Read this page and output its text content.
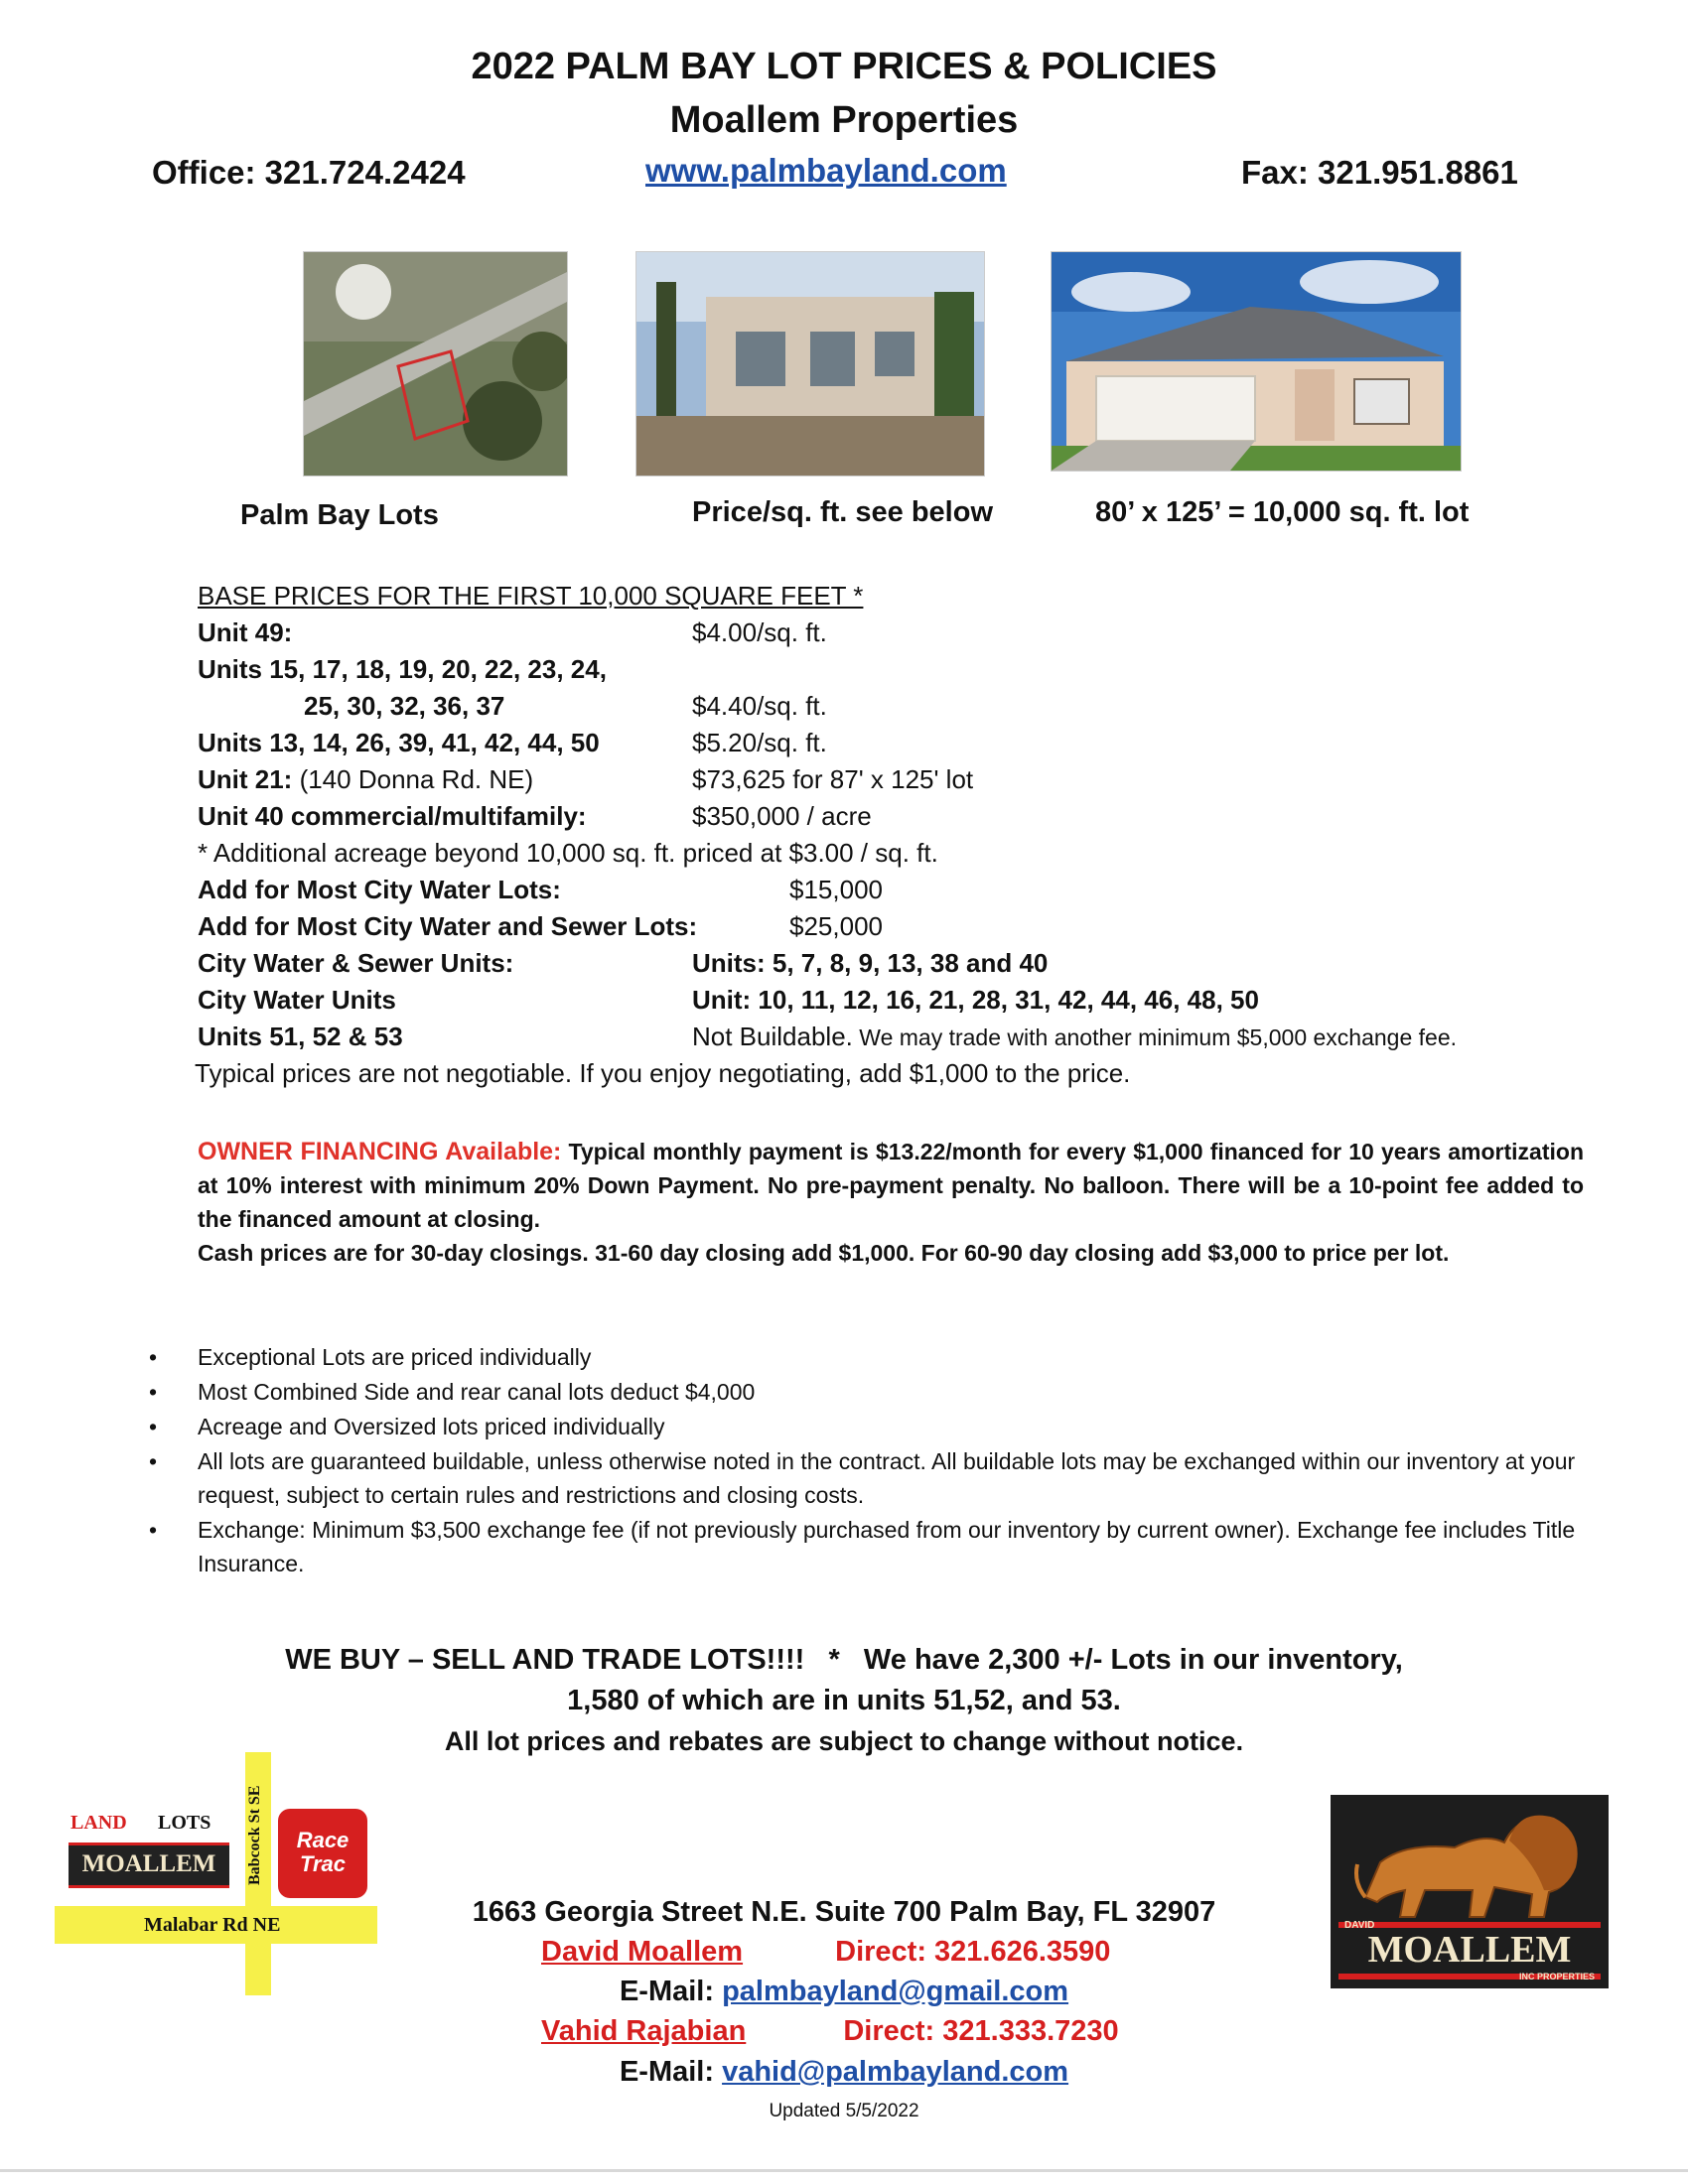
2022 PALM BAY LOT PRICES & POLICIES
Moallem Properties
Office: 321.724.2424	www.palmbayland.com	Fax: 321.951.8861
Palm Bay Lots	Price/sq. ft. see below	80’ x 125’ = 10,000 sq. ft. lot
BASE PRICES FOR THE FIRST 10,000 SQUARE FEET *
Unit 49:	$4.00/sq. ft.
Units 15, 17, 18, 19, 20, 22, 23, 24,
25, 30, 32, 36, 37	$4.40/sq. ft.
Units 13, 14, 26, 39, 41, 42, 44, 50	$5.20/sq. ft.
Unit 21: (140 Donna Rd. NE)	$73,625 for 87' x 125' lot
Unit 40 commercial/multifamily:	$350,000 / acre
* Additional acreage beyond 10,000 sq. ft. priced at $3.00 / sq. ft.
Add for Most City Water Lots:	$15,000
Add for Most City Water and Sewer Lots:	$25,000
City Water & Sewer Units:	Units: 5, 7, 8, 9, 13, 38 and 40
City Water Units	Unit: 10, 11, 12, 16, 21, 28, 31, 42, 44, 46, 48, 50
Units 51, 52 & 53	Not Buildable. We may trade with another minimum $5,000 exchange fee.
Typical prices are not negotiable. If you enjoy negotiating, add $1,000 to the price.
OWNER FINANCING Available: Typical monthly payment is $13.22/month for every $1,000 financed for 10 years amortization at 10% interest with minimum 20% Down Payment. No pre-payment penalty. No balloon. There will be a 10-point fee added to the financed amount at closing.
Cash prices are for 30-day closings. 31-60 day closing add $1,000. For 60-90 day closing add $3,000 to price per lot.
• Exceptional Lots are priced individually
• Most Combined Side and rear canal lots deduct $4,000
• Acreage and Oversized lots priced individually
• All lots are guaranteed buildable, unless otherwise noted in the contract. All buildable lots may be exchanged within our inventory at your request, subject to certain rules and restrictions and closing costs.
• Exchange: Minimum $3,500 exchange fee (if not previously purchased from our inventory by current owner). Exchange fee includes Title Insurance.
WE BUY – SELL AND TRADE LOTS!!!!   *   We have 2,300 +/- Lots in our inventory,
1,580 of which are in units 51,52, and 53.
All lot prices and rebates are subject to change without notice.
Babcock St SE
Malabar Rd NE
LAND LOTS
MOALLEM
Race
Trac
1663 Georgia Street N.E. Suite 700 Palm Bay, FL 32907
David Moallem	Direct: 321.626.3590
E-Mail: palmbayland@gmail.com
Vahid Rajabian	Direct: 321.333.7230
E-Mail: vahid@palmbayland.com
Updated 5/5/2022
DAVID
MOALLEM
INC PROPERTIES
